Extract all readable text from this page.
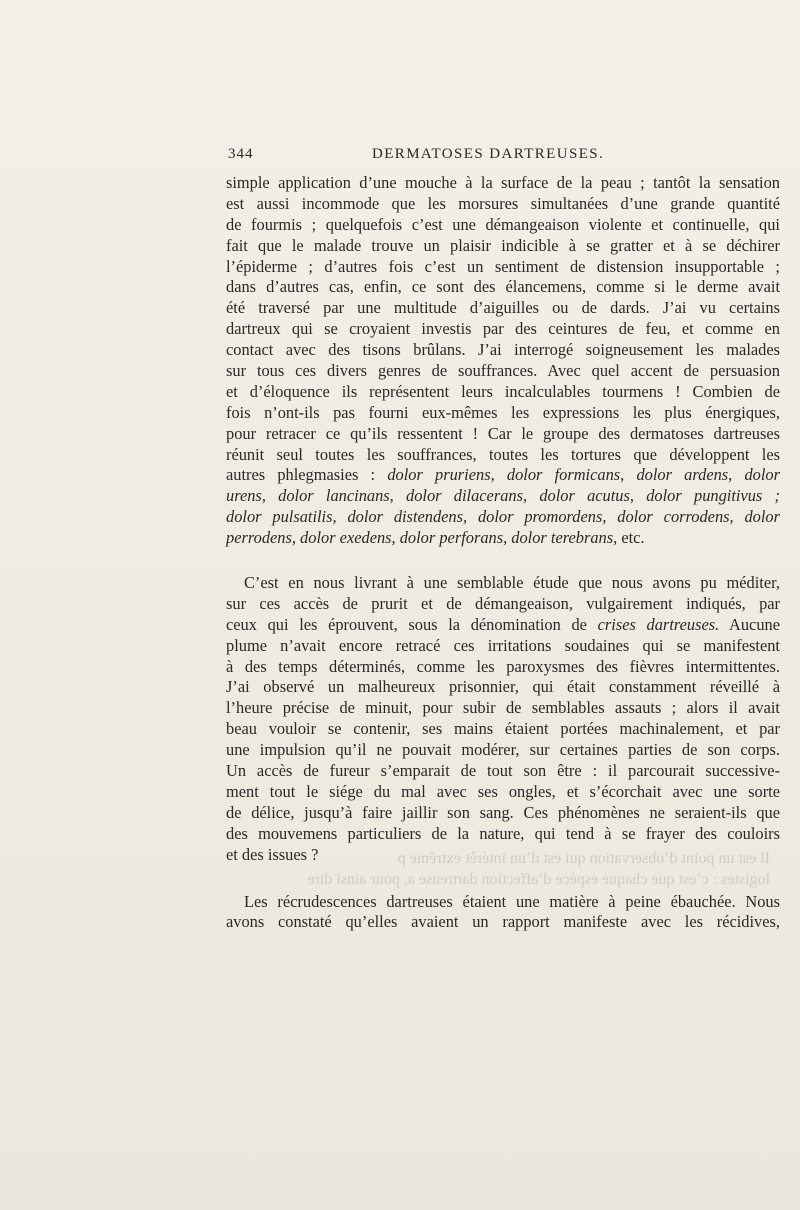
344	DERMATOSES DARTREUSES.
Il est un point d’observation qui est d’un intérêt extrême p
logistes : c’est que chaque espèce d’affection dartreuse a, pour ainsi dire
simple application d’une mouche à la surface de la peau ; tantôt la sensation
est aussi incommode que les morsures simultanées d’une grande quantité
de fourmis ; quelquefois c’est une démangeaison violente et continuelle, qui
fait que le malade trouve un plaisir indicible à se gratter et à se déchirer
l’épiderme ; d’autres fois c’est un sentiment de distension insupportable ;
dans d’autres cas, enfin, ce sont des élancemens, comme si le derme avait
été traversé par une multitude d’aiguilles ou de dards. J’ai vu certains
dartreux qui se croyaient investis par des ceintures de feu, et comme en
contact avec des tisons brûlans. J’ai interrogé soigneusement les malades
sur tous ces divers genres de souffrances. Avec quel accent de persuasion
et d’éloquence ils représentent leurs incalculables tourmens ! Combien de
fois n’ont-ils pas fourni eux-mêmes les expressions les plus énergiques,
pour retracer ce qu’ils ressentent ! Car le groupe des dermatoses dartreuses
réunit seul toutes les souffrances, toutes les tortures que développent les
autres phlegmasies : dolor pruriens, dolor formicans, dolor ardens, dolor
urens, dolor lancinans, dolor dilacerans, dolor acutus, dolor pungitivus ;
dolor pulsatilis, dolor distendens, dolor promordens, dolor corrodens, dolor
perrodens, dolor exedens, dolor perforans, dolor terebrans, etc.
C’est en nous livrant à une semblable étude que nous avons pu méditer,
sur ces accès de prurit et de démangeaison, vulgairement indiqués, par
ceux qui les éprouvent, sous la dénomination de crises dartreuses. Aucune
plume n’avait encore retracé ces irritations soudaines qui se manifestent
à des temps déterminés, comme les paroxysmes des fièvres intermittentes.
J’ai observé un malheureux prisonnier, qui était constamment réveillé à
l’heure précise de minuit, pour subir de semblables assauts ; alors il avait
beau vouloir se contenir, ses mains étaient portées machinalement, et par
une impulsion qu’il ne pouvait modérer, sur certaines parties de son corps.
Un accès de fureur s’emparait de tout son être : il parcourait successive-
ment tout le siége du mal avec ses ongles, et s’écorchait avec une sorte
de délice, jusqu’à faire jaillir son sang. Ces phénomènes ne seraient-ils que
des mouvemens particuliers de la nature, qui tend à se frayer des couloirs
et des issues ?
Les récrudescences dartreuses étaient une matière à peine ébauchée. Nous
avons constaté qu’elles avaient un rapport manifeste avec les récidives,
